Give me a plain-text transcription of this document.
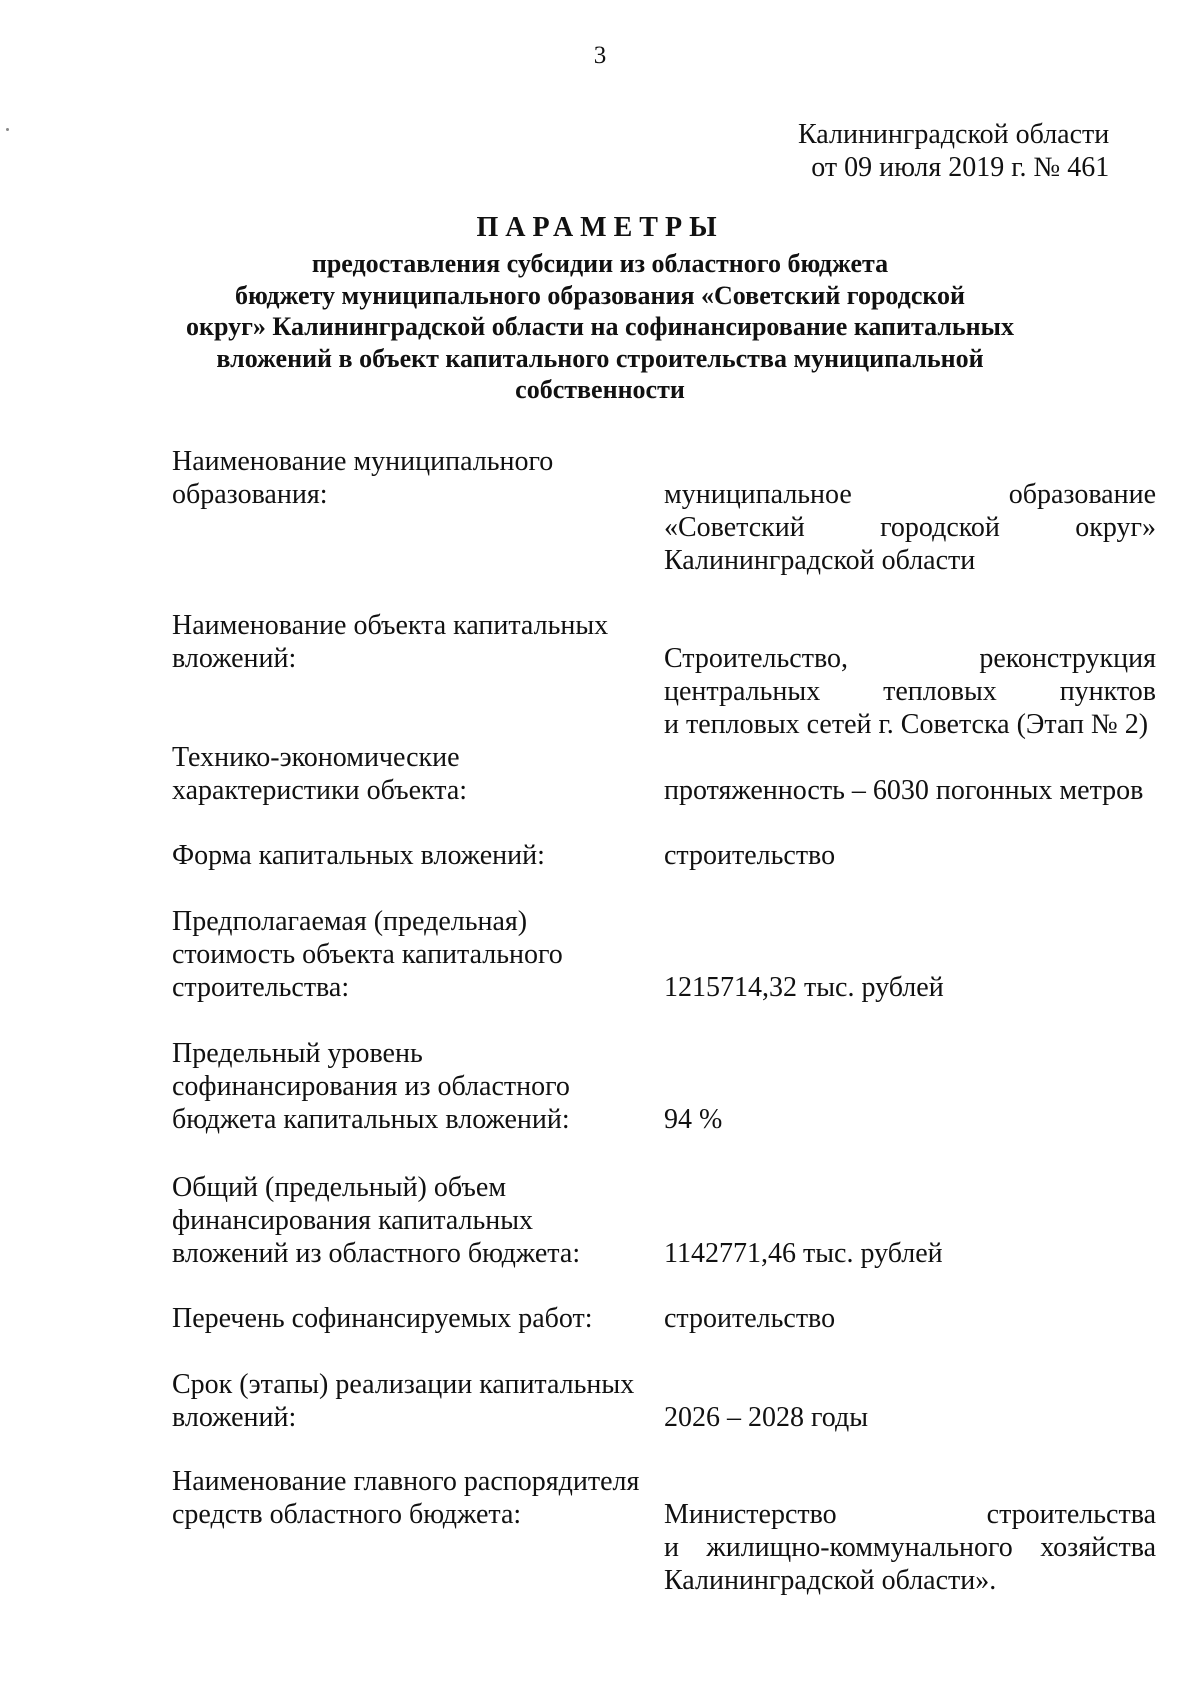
3
Калининградской области
от 09 июля 2019 г. № 461
ПАРАМЕТРЫ
предоставления субсидии из областного бюджета
бюджету муниципального образования «Советский городской
округ» Калининградской области на софинансирование капитальных
вложений в объект капитального строительства муниципальной
собственности
Наименование муниципального
образования:	муниципальное образование
«Советский городской округ»
Калининградской области
Наименование объекта капитальных
вложений:	Строительство, реконструкция
центральных тепловых пунктов
и тепловых сетей г. Советска (Этап № 2)
Технико-экономические
характеристики объекта:	протяженность – 6030 погонных метров
Форма капитальных вложений:	строительство
Предполагаемая (предельная)
стоимость объекта капитального
строительства:	1215714,32 тыс. рублей
Предельный уровень
софинансирования из областного
бюджета капитальных вложений:	94 %
Общий (предельный) объем
финансирования капитальных
вложений из областного бюджета:	1142771,46 тыс. рублей
Перечень софинансируемых работ:	строительство
Срок (этапы) реализации капитальных
вложений:	2026 – 2028 годы
Наименование главного распорядителя
средств областного бюджета:	Министерство строительства
и жилищно-коммунального хозяйства
Калининградской области».
